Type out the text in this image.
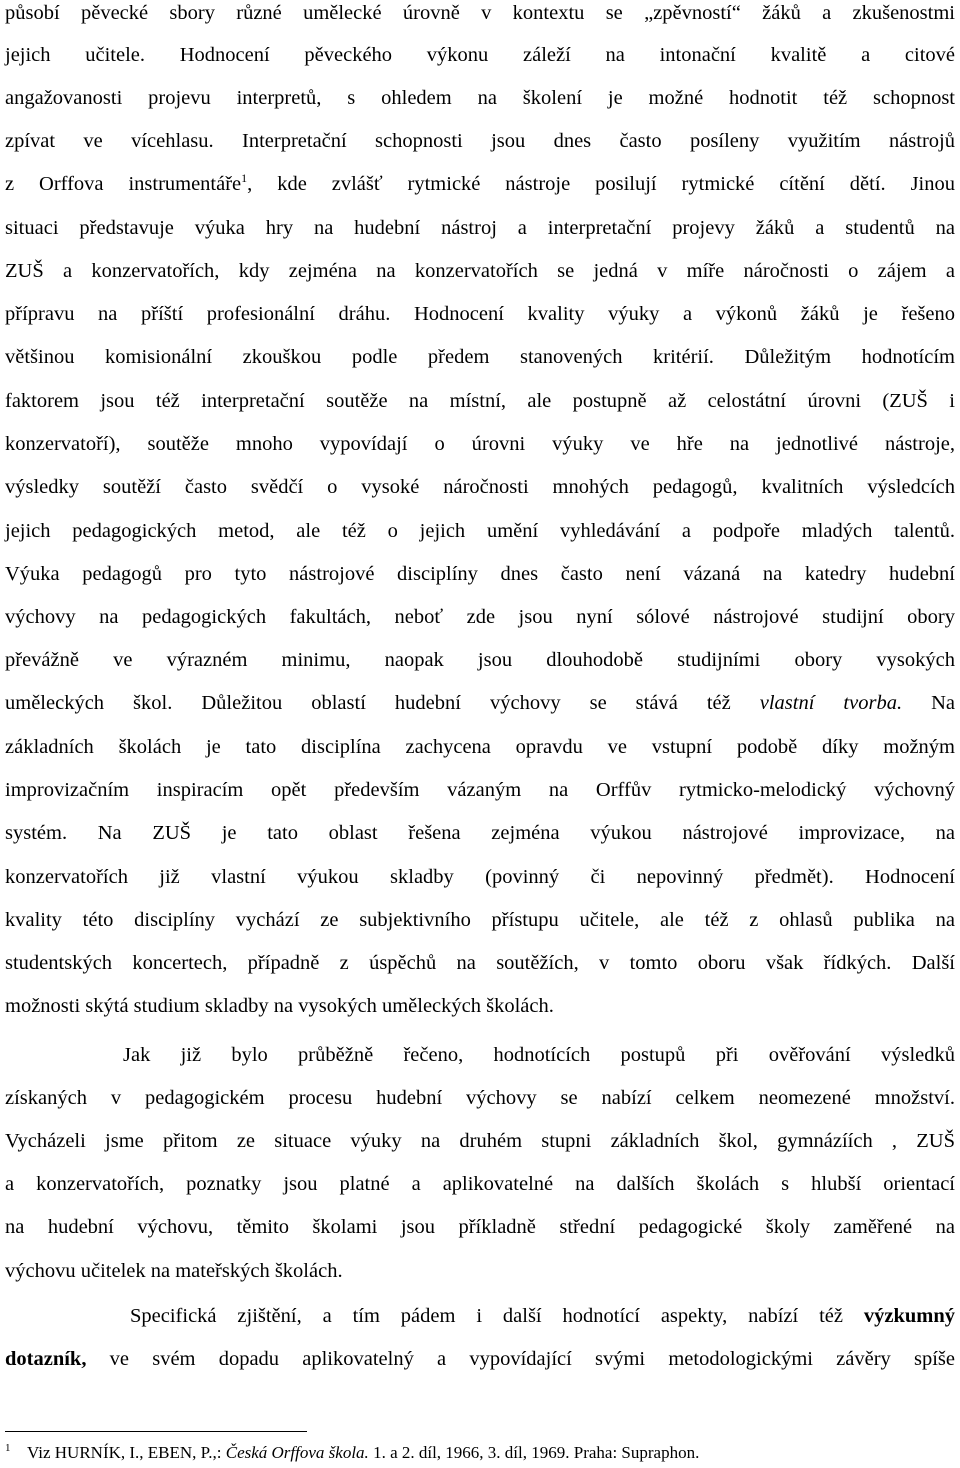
působí pěvecké sbory různé umělecké úrovně v kontextu se „zpěvností“ žáků a zkušenostmi
jejich učitele. Hodnocení pěveckého výkonu záleží na intonační kvalitě a citové
angažovanosti projevu interpretů, s ohledem na školení je možné hodnotit též schopnost
zpívat ve vícehlasu. Interpretační schopnosti jsou dnes často posíleny využitím nástrojů
z Orffova instrumentáře$^1$, kde zvlášť rytmické nástroje posilují rytmické cítění dětí. Jinou
situaci představuje výuka hry na hudební nástroj a interpretační projevy žáků a studentů na
ZUŠ a konzervatořích, kdy zejména na konzervatořích se jedná v míře náročnosti o zájem a
přípravu na příští profesionální dráhu. Hodnocení kvality výuky a výkonů žáků je řešeno
většinou komisionální zkouškou podle předem stanovených kritérií. Důležitým hodnotícím
faktorem jsou též interpretační soutěže na místní, ale postupně až celostátní úrovni (ZUŠ i
konzervatoří), soutěže mnoho vypovídají o úrovni výuky ve hře na jednotlivé nástroje,
výsledky soutěží často svědčí o vysoké náročnosti mnohých pedagogů, kvalitních výsledcích
jejich pedagogických metod, ale též o jejich umění vyhledávání a podpoře mladých talentů.
Výuka pedagogů pro tyto nástrojové disciplíny dnes často není vázaná na katedry hudební
výchovy na pedagogických fakultách, neboť zde jsou nyní sólové nástrojové studijní obory
převážně ve výrazném minimu, naopak jsou dlouhodobě studijními obory vysokých
uměleckých škol. Důležitou oblastí hudební výchovy se stává též vlastní tvorba. Na
základních školách je tato disciplína zachycena opravdu ve vstupní podobě díky možným
improvizačním inspiracím opět především vázaným na Orffův rytmicko-melodický výchovný
systém. Na ZUŠ je tato oblast řešena zejména výukou nástrojové improvizace, na
konzervatořích již vlastní výukou skladby (povinný či nepovinný předmět). Hodnocení
kvality této disciplíny vychází ze subjektivního přístupu učitele, ale též z ohlasů publika na
studentských koncertech, případně z úspěchů na soutěžích, v tomto oboru však řídkých. Další
možnosti skýtá studium skladby na vysokých uměleckých školách.
Jak již bylo průběžně řečeno, hodnotících postupů při ověřování výsledků
získaných v pedagogickém procesu hudební výchovy se nabízí celkem neomezené množství.
Vycházeli jsme přitom ze situace výuky na druhém stupni základních škol, gymnázíích , ZUŠ
a konzervatořích, poznatky jsou platné a aplikovatelné na dalších školách s hlubší orientací
na hudební výchovu, těmito školami jsou příkladně střední pedagogické školy zaměřené na
výchovu učitelek na mateřských školách.
Specifická zjištění, a tím pádem i další hodnotící aspekty, nabízí též výzkumný
dotazník, ve svém dopadu aplikovatelný a vypovídající svými metodologickými závěry spíše
1 Viz HURNÍK, I., EBEN, P.,: Česká Orffova škola. 1. a 2. díl, 1966, 3. díl, 1969. Praha: Supraphon.
